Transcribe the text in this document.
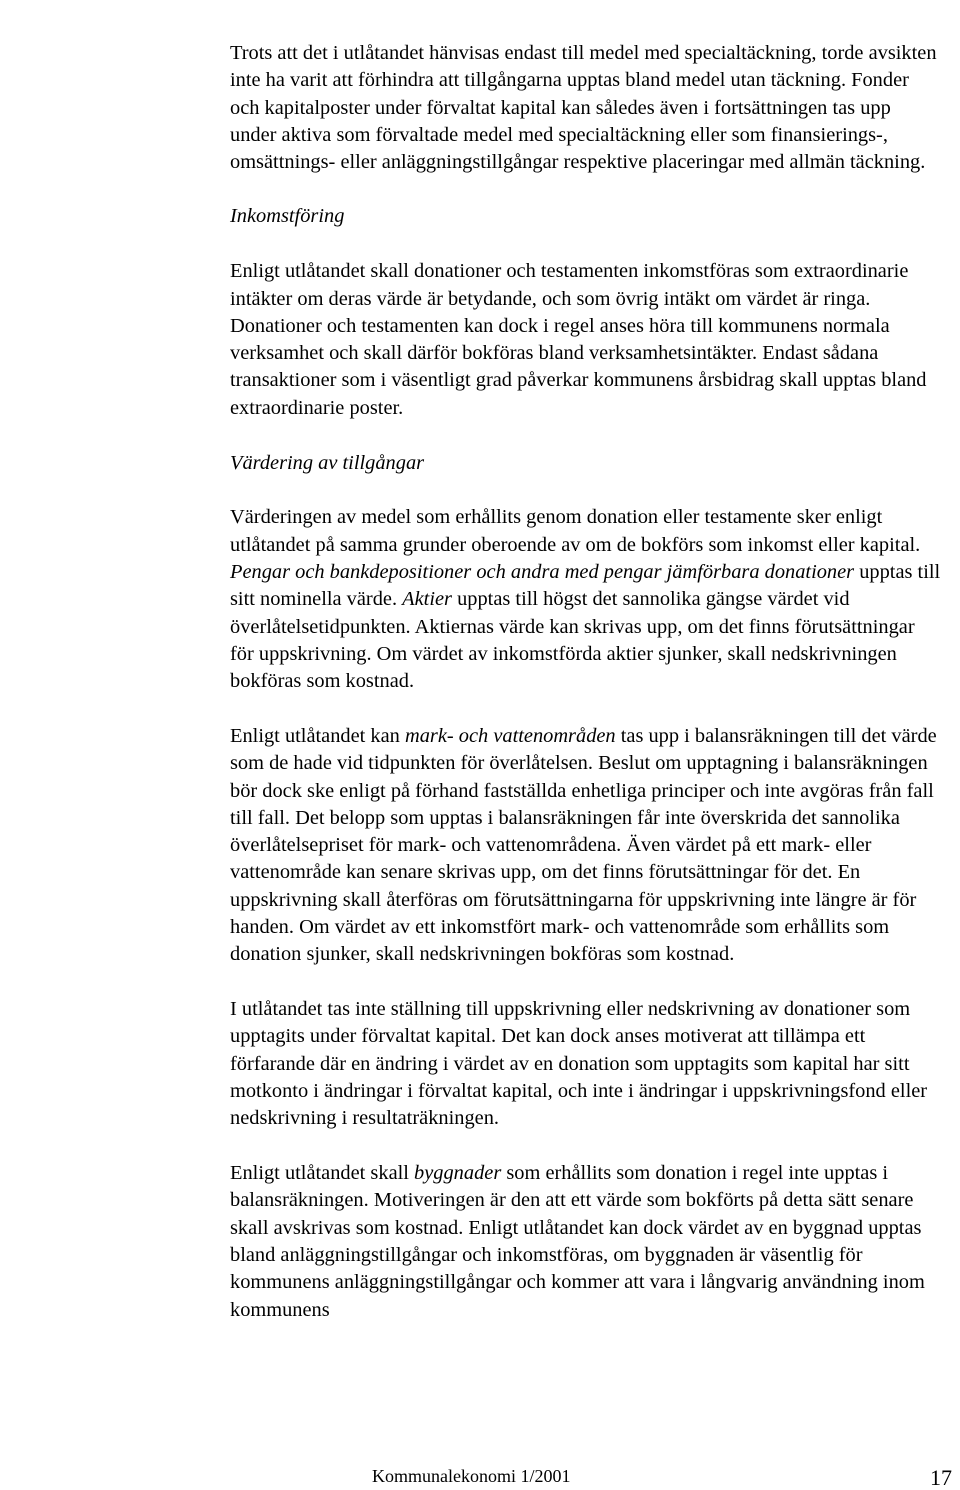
Trots att det i utlåtandet hänvisas endast till medel med specialtäckning, torde avsikten inte ha varit att förhindra att tillgångarna upptas bland medel utan täckning. Fonder och kapitalposter under förvaltat kapital kan således även i fortsättningen tas upp under aktiva som förvaltade medel med specialtäckning eller som finansierings-, omsättnings- eller anläggningstillgångar respektive placeringar med allmän täckning.

Inkomstföring

Enligt utlåtandet skall donationer och testamenten inkomstföras som extraordinarie intäkter om deras värde är betydande, och som övrig intäkt om värdet är ringa. Donationer och testamenten kan dock i regel anses höra till kommunens normala verksamhet och skall därför bokföras bland verksamhetsintäkter. Endast sådana transaktioner som i väsentligt grad påverkar kommunens årsbidrag skall upptas bland extraordinarie poster.

Värdering av tillgångar

Värderingen av medel som erhållits genom donation eller testamente sker enligt utlåtandet på samma grunder oberoende av om de bokförs som inkomst eller kapital. Pengar och bankdepositioner och andra med pengar jämförbara donationer upptas till sitt nominella värde. Aktier upptas till högst det sannolika gängse värdet vid överlåtelsetidpunkten. Aktiernas värde kan skrivas upp, om det finns förutsättningar för uppskrivning. Om värdet av inkomstförda aktier sjunker, skall nedskrivningen bokföras som kostnad.

Enligt utlåtandet kan mark- och vattenområden tas upp i balansräkningen till det värde som de hade vid tidpunkten för överlåtelsen. Beslut om upptagning i balansräkningen bör dock ske enligt på förhand fastställda enhetliga principer och inte avgöras från fall till fall. Det belopp som upptas i balansräkningen får inte överskrida det sannolika överlåtelsepriset för mark- och vattenområdena. Även värdet på ett mark- eller vattenområde kan senare skrivas upp, om det finns förutsättningar för det. En uppskrivning skall återföras om förutsättningarna för uppskrivning inte längre är för handen. Om värdet av ett inkomstfört mark- och vattenområde som erhållits som donation sjunker, skall nedskrivningen bokföras som kostnad.

I utlåtandet tas inte ställning till uppskrivning eller nedskrivning av donationer som upptagits under förvaltat kapital. Det kan dock anses motiverat att tillämpa ett förfarande där en ändring i värdet av en donation som upptagits som kapital har sitt motkonto i ändringar i förvaltat kapital, och inte i ändringar i uppskrivningsfond eller nedskrivning i resultaträkningen.

Enligt utlåtandet skall byggnader som erhållits som donation i regel inte upptas i balansräkningen. Motiveringen är den att ett värde som bokförts på detta sätt senare skall avskrivas som kostnad. Enligt utlåtandet kan dock värdet av en byggnad upptas bland anläggningstillgångar och inkomstföras, om byggnaden är väsentlig för kommunens anläggningstillgångar och kommer att vara i långvarig användning inom kommunens

Kommunalekonomi 1/2001	17
